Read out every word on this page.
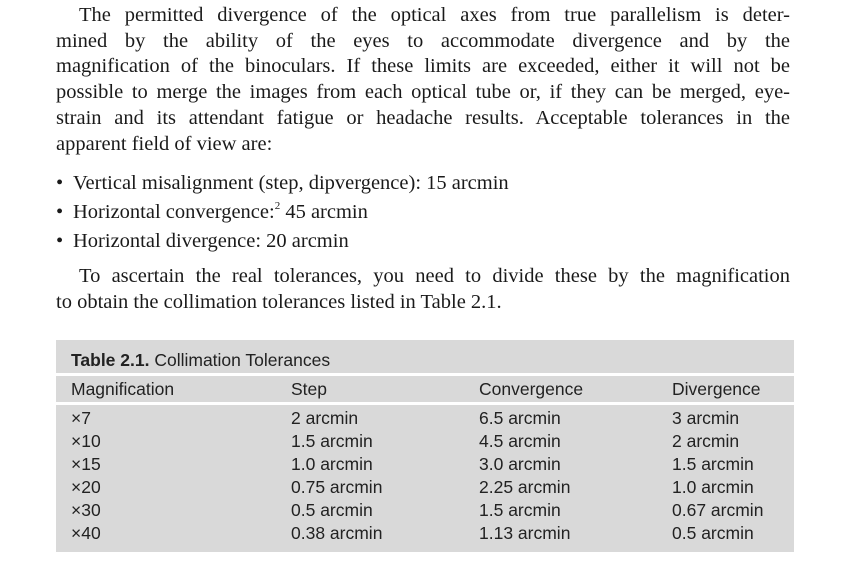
The permitted divergence of the optical axes from true parallelism is deter-
mined by the ability of the eyes to accommodate divergence and by the
magnification of the binoculars. If these limits are exceeded, either it will not be
possible to merge the images from each optical tube or, if they can be merged, eye-
strain and its attendant fatigue or headache results. Acceptable tolerances in the
apparent field of view are:
• Vertical misalignment (step, dipvergence): 15 arcmin
• Horizontal convergence:$^2$ 45 arcmin
• Horizontal divergence: 20 arcmin
To ascertain the real tolerances, you need to divide these by the magnification
to obtain the collimation tolerances listed in Table 2.1.
Table 2.1. Collimation Tolerances
Magnification	Step	Convergence	Divergence
×7	2 arcmin	6.5 arcmin	3 arcmin
×10	1.5 arcmin	4.5 arcmin	2 arcmin
×15	1.0 arcmin	3.0 arcmin	1.5 arcmin
×20	0.75 arcmin	2.25 arcmin	1.0 arcmin
×30	0.5 arcmin	1.5 arcmin	0.67 arcmin
×40	0.38 arcmin	1.13 arcmin	0.5 arcmin
